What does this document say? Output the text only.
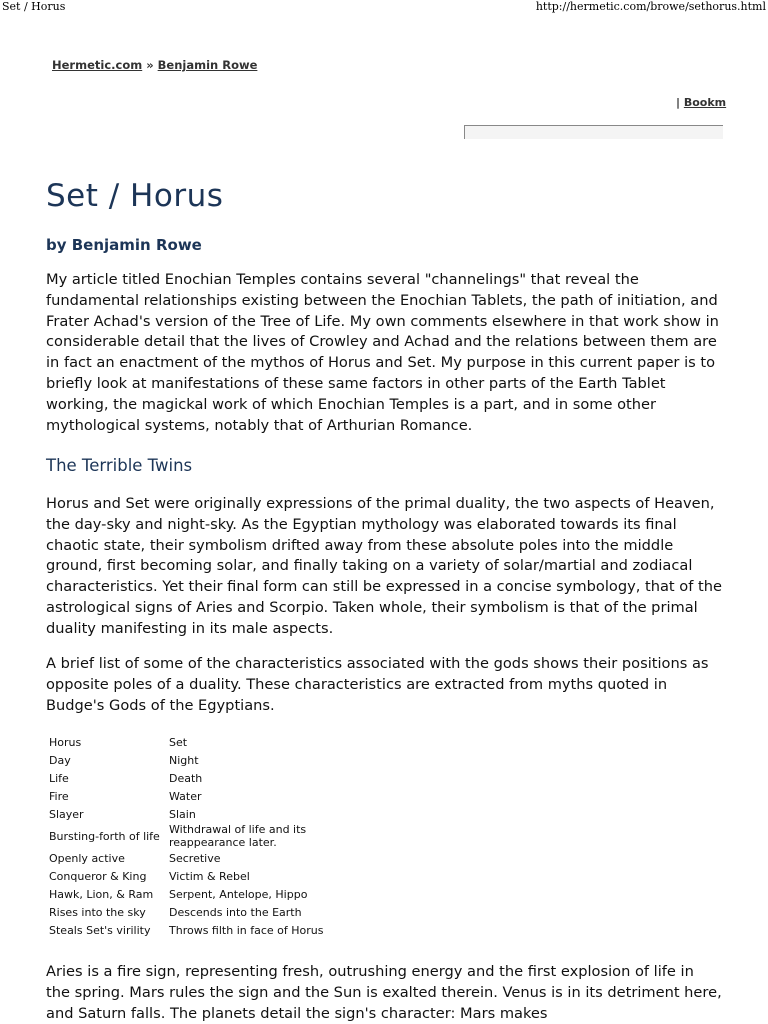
Set / Horus	http://hermetic.com/browe/sethorus.html
Hermetic.com » Benjamin Rowe
| Bookm
Set / Horus
by Benjamin Rowe

My article titled Enochian Temples contains several "channelings" that reveal the fundamental relationships existing between the Enochian Tablets, the path of initiation, and Frater Achad's version of the Tree of Life. My own comments elsewhere in that work show in considerable detail that the lives of Crowley and Achad and the relations between them are in fact an enactment of the mythos of Horus and Set. My purpose in this current paper is to briefly look at manifestations of these same factors in other parts of the Earth Tablet working, the magickal work of which Enochian Temples is a part, and in some other mythological systems, notably that of Arthurian Romance.

The Terrible Twins

Horus and Set were originally expressions of the primal duality, the two aspects of Heaven, the day-sky and night-sky. As the Egyptian mythology was elaborated towards its final chaotic state, their symbolism drifted away from these absolute poles into the middle ground, first becoming solar, and finally taking on a variety of solar/martial and zodiacal characteristics. Yet their final form can still be expressed in a concise symbology, that of the astrological signs of Aries and Scorpio. Taken whole, their symbolism is that of the primal duality manifesting in its male aspects.

A brief list of some of the characteristics associated with the gods shows their positions as opposite poles of a duality. These characteristics are extracted from myths quoted in Budge's Gods of the Egyptians.

Horus	Set
Day	Night
Life	Death
Fire	Water
Slayer	Slain
Bursting-forth of life	Withdrawal of life and its reappearance later.
Openly active	Secretive
Conqueror & King	Victim & Rebel
Hawk, Lion, & Ram	Serpent, Antelope, Hippo
Rises into the sky	Descends into the Earth
Steals Set's virility	Throws filth in face of Horus

Aries is a fire sign, representing fresh, outrushing energy and the first explosion of life in the spring. Mars rules the sign and the Sun is exalted therein. Venus is in its detriment here, and Saturn falls. The planets detail the sign's character: Mars makes
